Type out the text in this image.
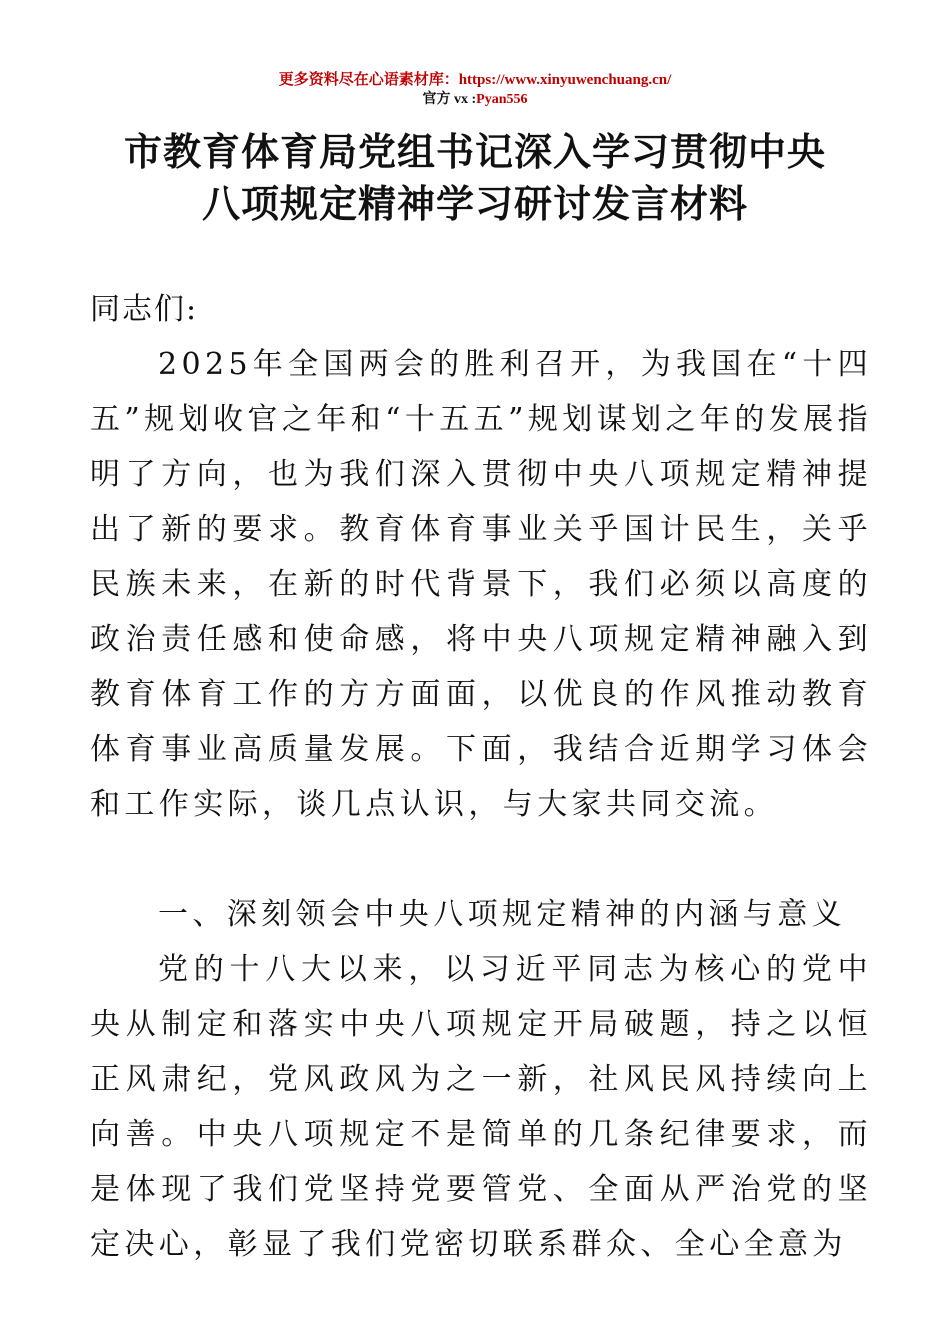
更多资料尽在心语素材库：https://www.xinyuwenchuang.cn/
官方 vx :Pyan556
市教育体育局党组书记深入学习贯彻中央
八项规定精神学习研讨发言材料

同志们:

2025年全国两会的胜利召开，为我国在“十四五”规划收官之年和“十五五”规划谋划之年的发展指明了方向，也为我们深入贯彻中央八项规定精神提出了新的要求。教育体育事业关乎国计民生，关乎民族未来，在新的时代背景下，我们必须以高度的政治责任感和使命感，将中央八项规定精神融入到教育体育工作的方方面面，以优良的作风推动教育体育事业高质量发展。下面，我结合近期学习体会和工作实际，谈几点认识，与大家共同交流。

一、深刻领会中央八项规定精神的内涵与意义

党的十八大以来，以习近平同志为核心的党中央从制定和落实中央八项规定开局破题，持之以恒正风肃纪，党风政风为之一新，社风民风持续向上向善。中央八项规定不是简单的几条纪律要求，而是体现了我们党坚持党要管党、全面从严治党的坚定决心，彰显了我们党密切联系群众、全心全意为
